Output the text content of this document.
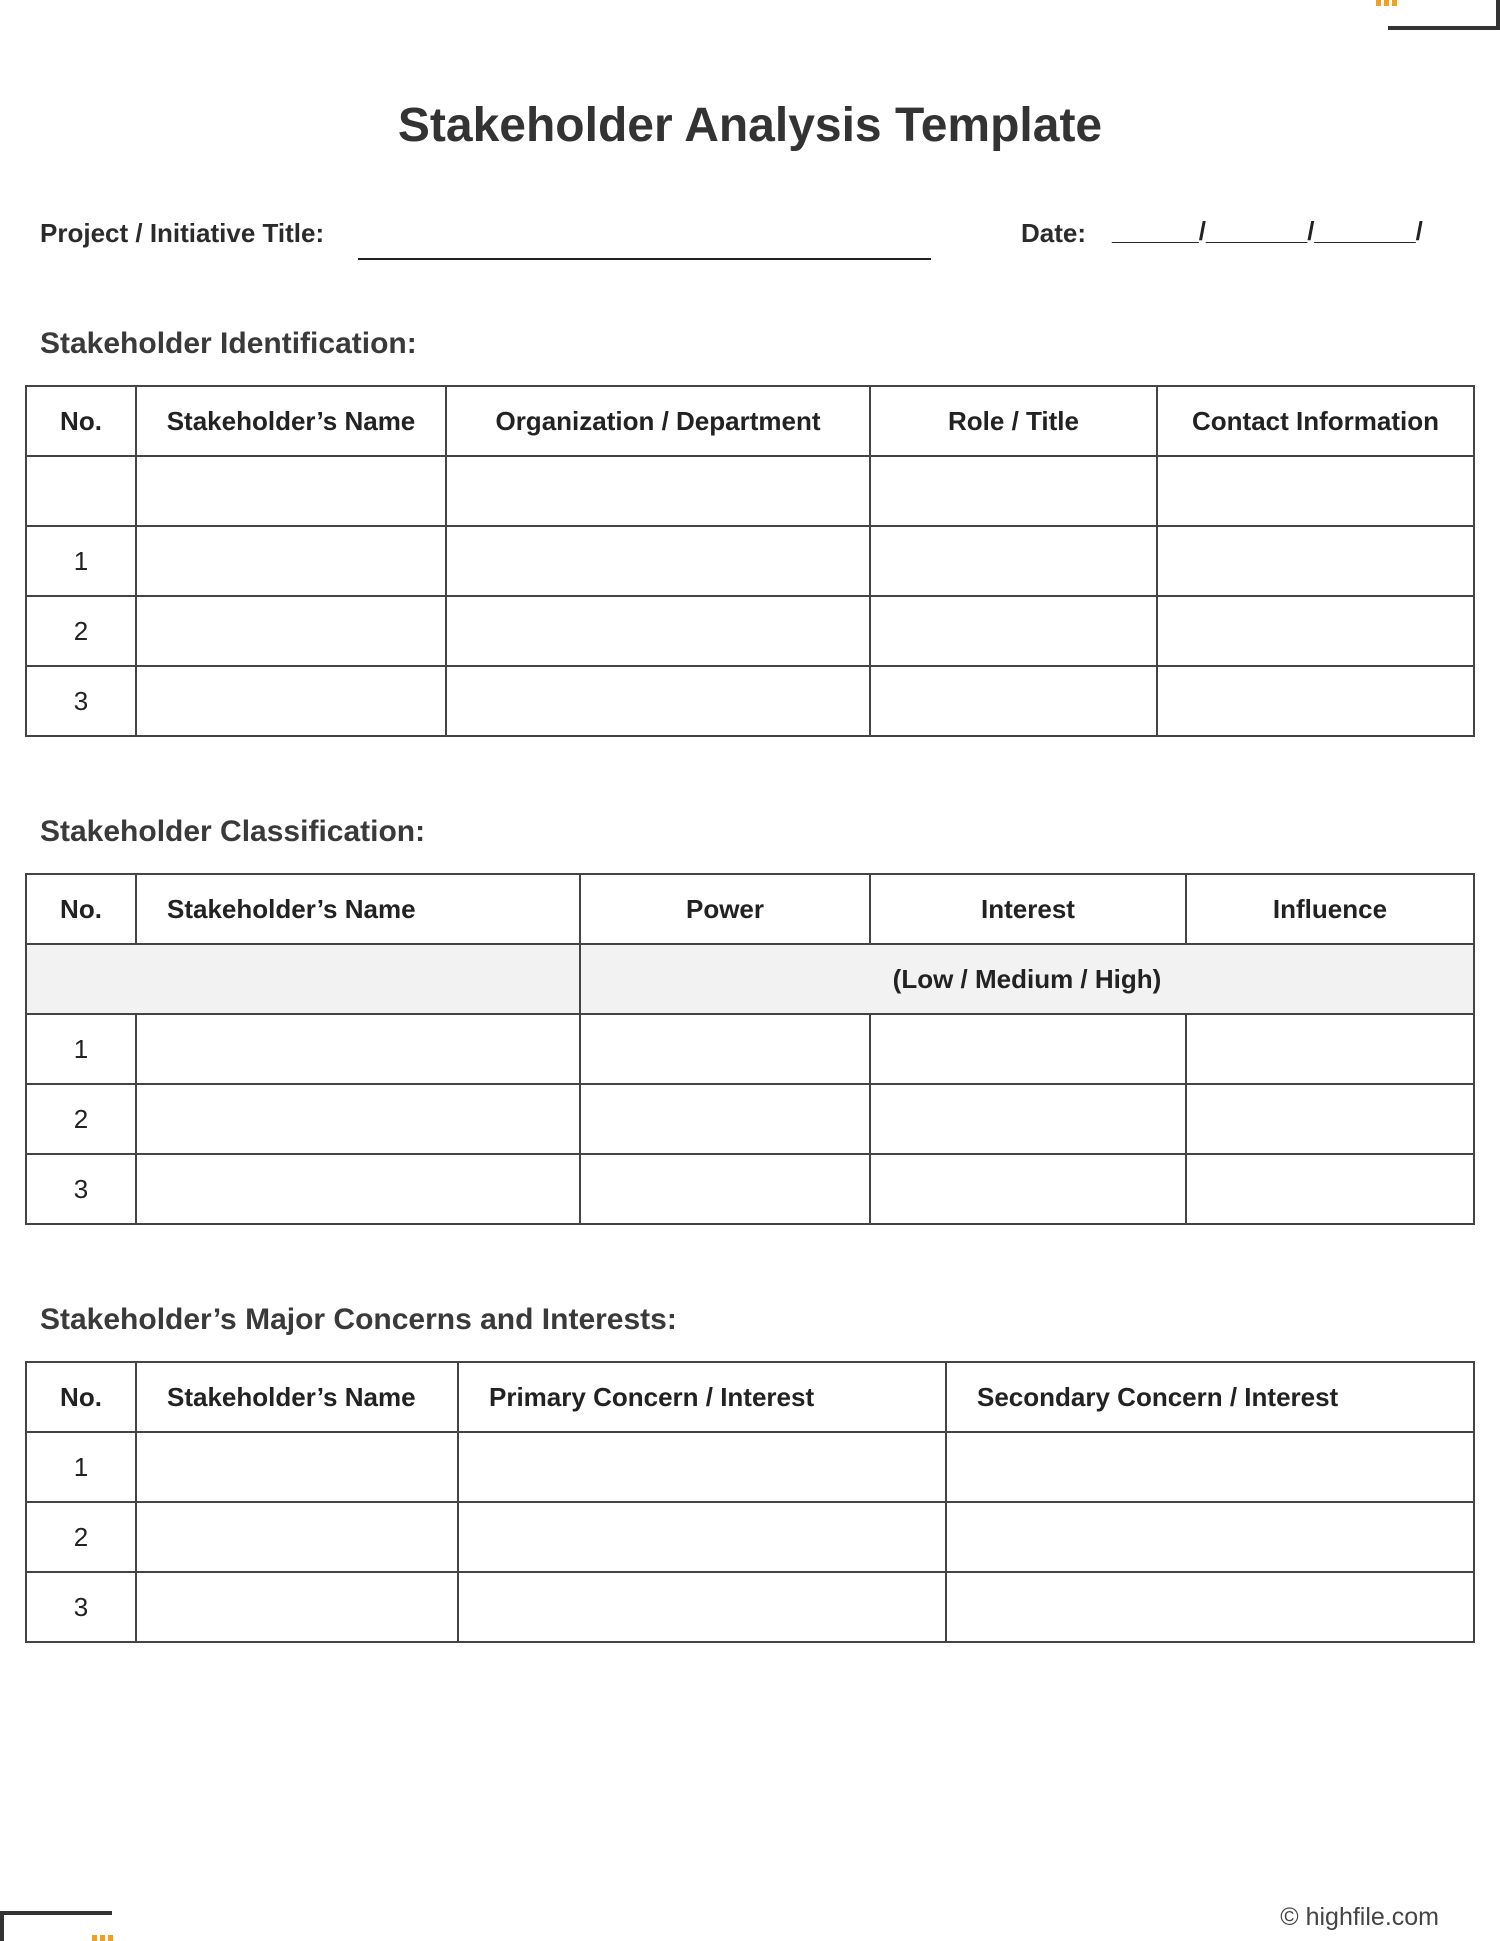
Stakeholder Analysis Template
Project / Initiative Title:	Date: ______/_______/_______/
Stakeholder Identification:
No.	Stakeholder’s Name	Organization / Department	Role / Title	Contact Information

1				
2				
3				
Stakeholder Classification:
No.	Stakeholder’s Name	Power	Interest	Influence
		(Low / Medium / High)		
1				
2				
3				
Stakeholder’s Major Concerns and Interests:
No.	Stakeholder’s Name	Primary Concern / Interest	Secondary Concern / Interest
1			
2			
3			
© highfile.com
